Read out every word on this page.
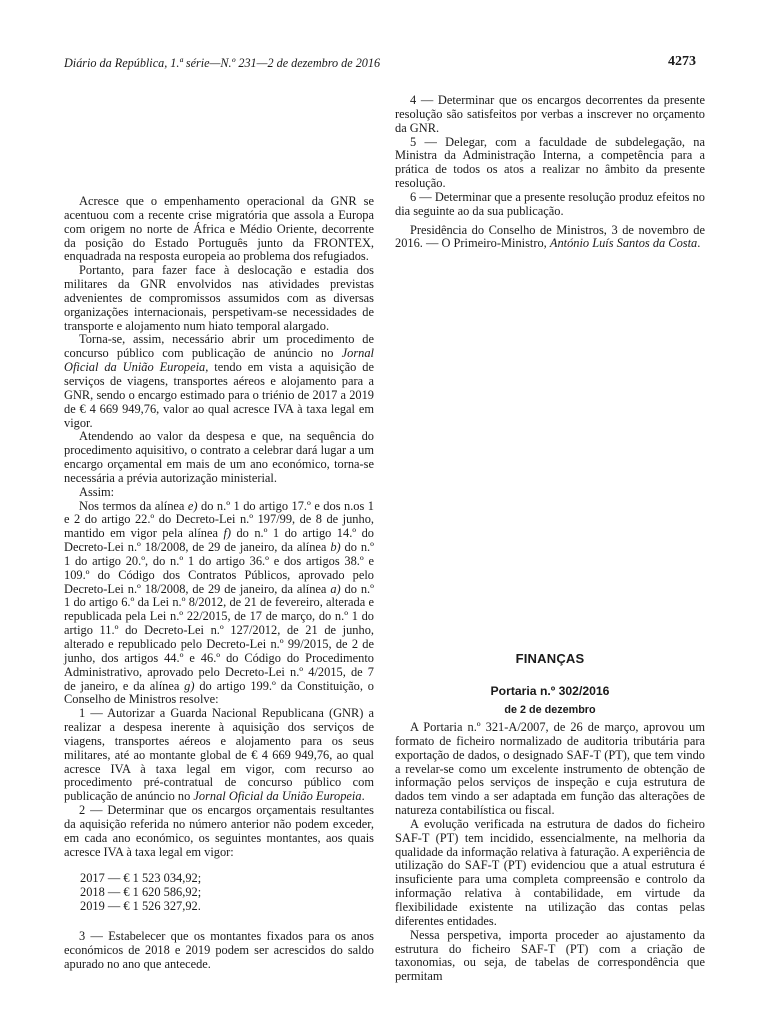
Diário da República, 1.ª série—N.º 231—2 de dezembro de 2016	4273

Acresce que o empenhamento operacional da GNR se acentuou com a recente crise migratória que assola a Europa com origem no norte de África e Médio Oriente, decorrente da posição do Estado Português junto da FRONTEX, enquadrada na resposta europeia ao problema dos refugiados.

Portanto, para fazer face à deslocação e estadia dos militares da GNR envolvidos nas atividades previstas advenientes de compromissos assumidos com as diversas organizações internacionais, perspetivam-se necessidades de transporte e alojamento num hiato temporal alargado.

Torna-se, assim, necessário abrir um procedimento de concurso público com publicação de anúncio no Jornal Oficial da União Europeia, tendo em vista a aquisição de serviços de viagens, transportes aéreos e alojamento para a GNR, sendo o encargo estimado para o triénio de 2017 a 2019 de € 4 669 949,76, valor ao qual acresce IVA à taxa legal em vigor.

Atendendo ao valor da despesa e que, na sequência do procedimento aquisitivo, o contrato a celebrar dará lugar a um encargo orçamental em mais de um ano económico, torna-se necessária a prévia autorização ministerial.

Assim:

Nos termos da alínea e) do n.º 1 do artigo 17.º e dos n.os 1 e 2 do artigo 22.º do Decreto-Lei n.º 197/99, de 8 de junho, mantido em vigor pela alínea f) do n.º 1 do artigo 14.º do Decreto-Lei n.º 18/2008, de 29 de janeiro, da alínea b) do n.º 1 do artigo 20.º, do n.º 1 do artigo 36.º e dos artigos 38.º e 109.º do Código dos Contratos Públicos, aprovado pelo Decreto-Lei n.º 18/2008, de 29 de janeiro, da alínea a) do n.º 1 do artigo 6.º da Lei n.º 8/2012, de 21 de fevereiro, alterada e republicada pela Lei n.º 22/2015, de 17 de março, do n.º 1 do artigo 11.º do Decreto-Lei n.º 127/2012, de 21 de junho, alterado e republicado pelo Decreto-Lei n.º 99/2015, de 2 de junho, dos artigos 44.º e 46.º do Código do Procedimento Administrativo, aprovado pelo Decreto-Lei n.º 4/2015, de 7 de janeiro, e da alínea g) do artigo 199.º da Constituição, o Conselho de Ministros resolve:

1 — Autorizar a Guarda Nacional Republicana (GNR) a realizar a despesa inerente à aquisição dos serviços de viagens, transportes aéreos e alojamento para os seus militares, até ao montante global de € 4 669 949,76, ao qual acresce IVA à taxa legal em vigor, com recurso ao procedimento pré-contratual de concurso público com publicação de anúncio no Jornal Oficial da União Europeia.

2 — Determinar que os encargos orçamentais resultantes da aquisição referida no número anterior não podem exceder, em cada ano económico, os seguintes montantes, aos quais acresce IVA à taxa legal em vigor:

2017 — € 1 523 034,92;
2018 — € 1 620 586,92;
2019 — € 1 526 327,92.

3 — Estabelecer que os montantes fixados para os anos económicos de 2018 e 2019 podem ser acrescidos do saldo apurado no ano que antecede.

4 — Determinar que os encargos decorrentes da presente resolução são satisfeitos por verbas a inscrever no orçamento da GNR.

5 — Delegar, com a faculdade de subdelegação, na Ministra da Administração Interna, a competência para a prática de todos os atos a realizar no âmbito da presente resolução.

6 — Determinar que a presente resolução produz efeitos no dia seguinte ao da sua publicação.

Presidência do Conselho de Ministros, 3 de novembro de 2016. — O Primeiro-Ministro, António Luís Santos da Costa.

FINANÇAS
Portaria n.º 302/2016
de 2 de dezembro

A Portaria n.º 321-A/2007, de 26 de março, aprovou um formato de ficheiro normalizado de auditoria tributária para exportação de dados, o designado SAF-T (PT), que tem vindo a revelar-se como um excelente instrumento de obtenção de informação pelos serviços de inspeção e cuja estrutura de dados tem vindo a ser adaptada em função das alterações de natureza contabilística ou fiscal.

A evolução verificada na estrutura de dados do ficheiro SAF-T (PT) tem incidido, essencialmente, na melhoria da qualidade da informação relativa à faturação. A experiência de utilização do SAF-T (PT) evidenciou que a atual estrutura é insuficiente para uma completa compreensão e controlo da informação relativa à contabilidade, em virtude da flexibilidade existente na utilização das contas pelas diferentes entidades.

Nessa perspetiva, importa proceder ao ajustamento da estrutura do ficheiro SAF-T (PT) com a criação de taxonomias, ou seja, de tabelas de correspondência que permitam
